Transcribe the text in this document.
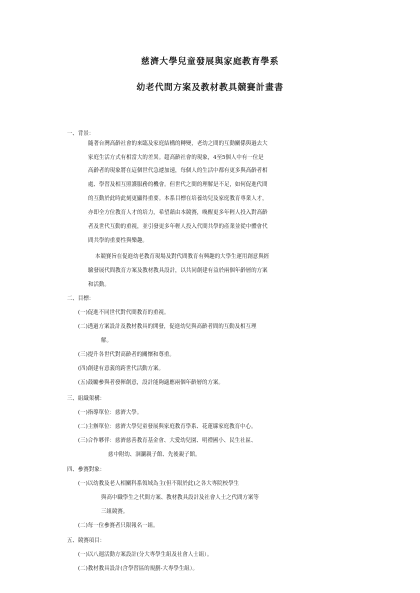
慈濟大學兒童發展與家庭教育學系
幼老代間方案及教材教具競賽計畫書
一、背景：
隨著台灣高齡社會的來臨及家庭結構的轉變，老幼之間的互動關係與過去大
家庭生活方式有相當大的差異。超高齡社會的現象，4至5個人中有一位是
高齡者的現象將在這個世代急遽加速，每個人的生活中都有更多與高齡者相
處、學習及相互照護服務的機會。但世代之間的理解是不足，如何促進代間
的互動於此時此刻更顯得重要。本系目標在培養幼兒及家庭教育專業人才，
亦即全方位教育人才的培力，希望藉由本競賽，喚醒更多年輕人投入對高齡
者及世代互動的重視，並引發更多年輕人投入代間共學的產業並從中體會代
間共學的重要性與樂趣。
本競賽旨在促進幼老教育現場及對代間教育有興趣的大學生運用創意與經
驗發展代間教育方案及教材教具設計，以共同創建有益於兩個年齡層的方案
和活動。
二、目標：
(一)促進不同世代對代間教育的重視。
(二)透過方案設計及教材教具的開發，促進幼兒與高齡者間的互動及相互理
解。
(三)提升各世代對高齡者的關懷和尊重。
(四)創建有意義的跨世代活動方案。
(五)鼓勵參與者發揮創意，設計能夠適應兩個年齡層的方案。
三、組織架構：
(一)指導單位：慈濟大學。
(二)主辦單位：慈濟大學兒童發展與家庭教育學系、花蓮縣家庭教育中心。
(三)合作夥伴：慈濟慈善教育基金會、大愛幼兒園、明禮國小、民生社區、
慈中附幼、洄瀾親子館、先後親子館。
四、參賽對象：
(一)以幼教及老人相關科系領域為主(但不限於此)之各大專院校學生
與高中職學生之代間方案、教材教具設計及社會人士之代間方案等
三組競賽。
(二)每一位參賽者只限報名一組。
五、競賽項目：
(一)以八週活動方案設計(分大專學生組及社會人士組）。
(二)教材教具設計(含學習區的規劃-大專學生組）。
